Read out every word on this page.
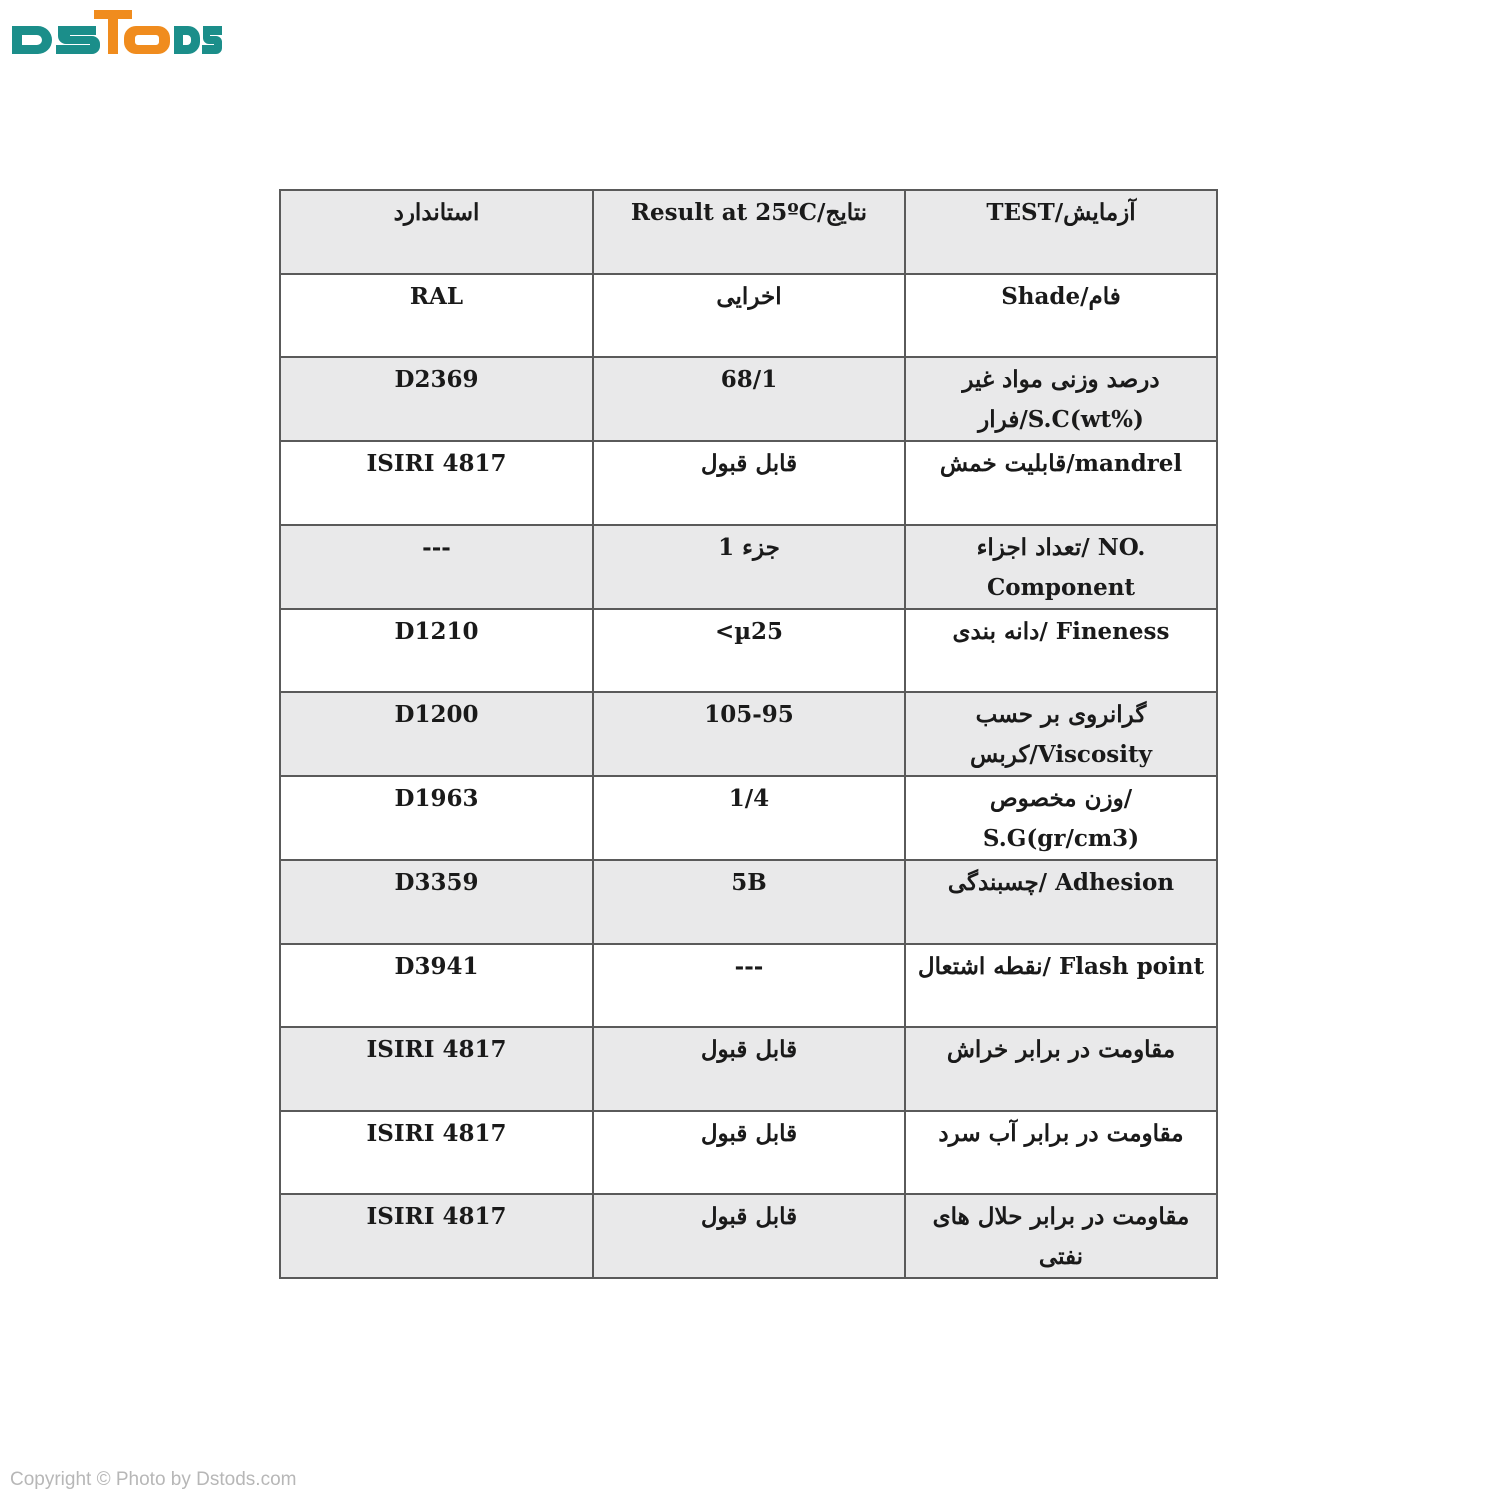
استاندارد	Result at 25ºC/نتایج	TEST/آزمایش
RAL	اخرایی	Shade/فام
D2369	68/1	درصد وزنی مواد غیر
فرار/S.C(wt%)
ISIRI 4817	قابل قبول	قابلیت خمش/mandrel
---	1 جزء	تعداد اجزاء/ NO.
Component
D1210	<µ25	دانه بندی/ Fineness
D1200	105-95	گرانروی بر حسب
کربس/Viscosity
D1963	1/4	وزن مخصوص/ S.G(gr/cm3)
D3359	5B	چسبندگی/ Adhesion
D3941	---	نقطه اشتعال/ Flash point
ISIRI 4817	قابل قبول	مقاومت در برابر خراش
ISIRI 4817	قابل قبول	مقاومت در برابر آب سرد
ISIRI 4817	قابل قبول	مقاومت در برابر حلال های نفتی
Copyright © Photo by Dstods.com
